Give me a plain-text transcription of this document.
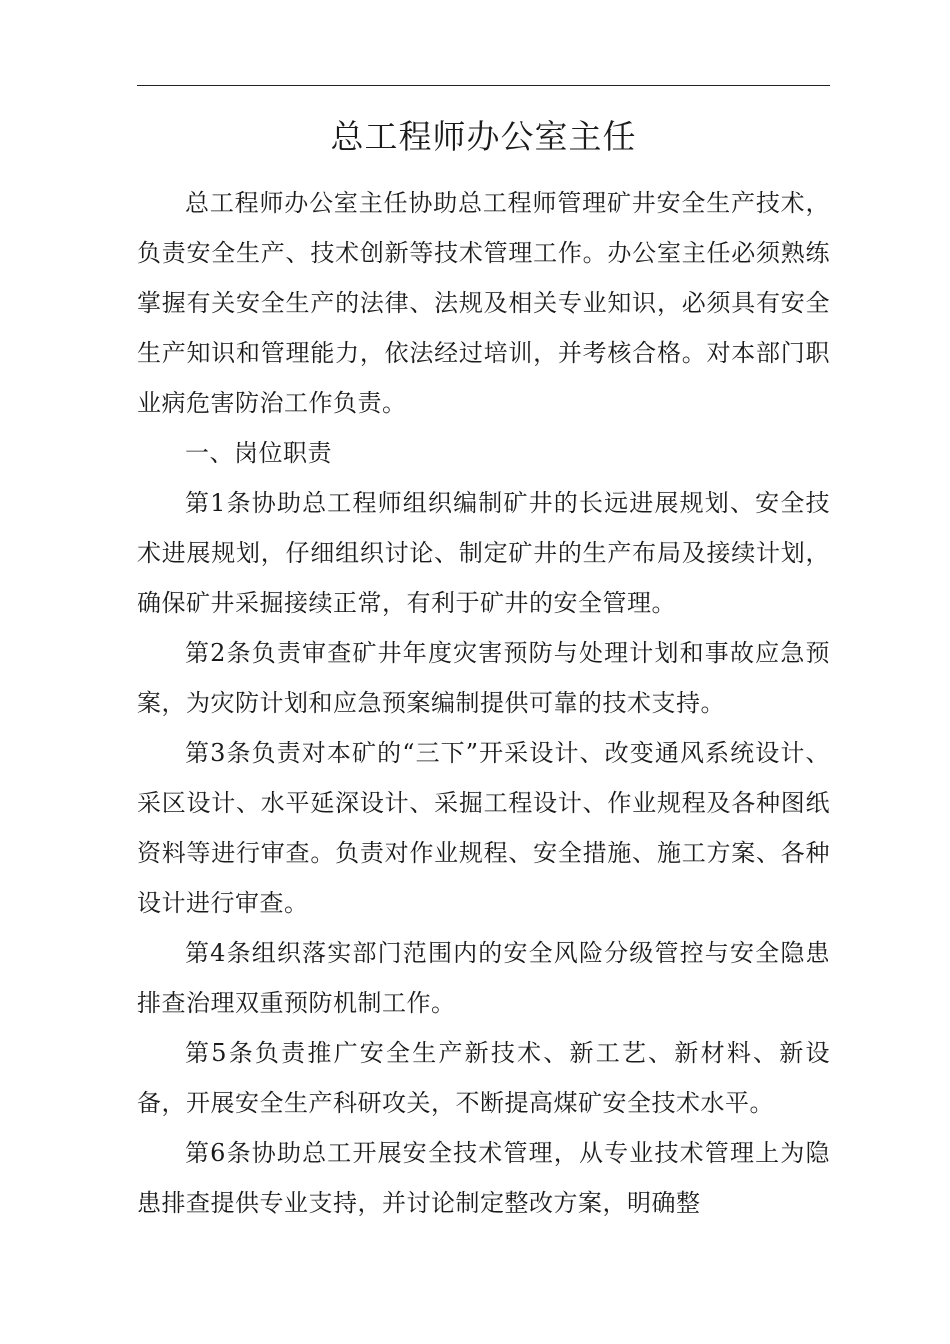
总工程师办公室主任

总工程师办公室主任协助总工程师管理矿井安全生产技术，负责安全生产、技术创新等技术管理工作。办公室主任必须熟练掌握有关安全生产的法律、法规及相关专业知识，必须具有安全生产知识和管理能力，依法经过培训，并考核合格。对本部门职业病危害防治工作负责。

一、岗位职责

第1条协助总工程师组织编制矿井的长远进展规划、安全技术进展规划，仔细组织讨论、制定矿井的生产布局及接续计划，确保矿井采掘接续正常，有利于矿井的安全管理。

第2条负责审查矿井年度灾害预防与处理计划和事故应急预案，为灾防计划和应急预案编制提供可靠的技术支持。

第3条负责对本矿的“三下”开采设计、改变通风系统设计、采区设计、水平延深设计、采掘工程设计、作业规程及各种图纸资料等进行审查。负责对作业规程、安全措施、施工方案、各种设计进行审查。

第4条组织落实部门范围内的安全风险分级管控与安全隐患排查治理双重预防机制工作。

第5条负责推广安全生产新技术、新工艺、新材料、新设备，开展安全生产科研攻关，不断提高煤矿安全技术水平。

第6条协助总工开展安全技术管理，从专业技术管理上为隐患排查提供专业支持，并讨论制定整改方案，明确整
